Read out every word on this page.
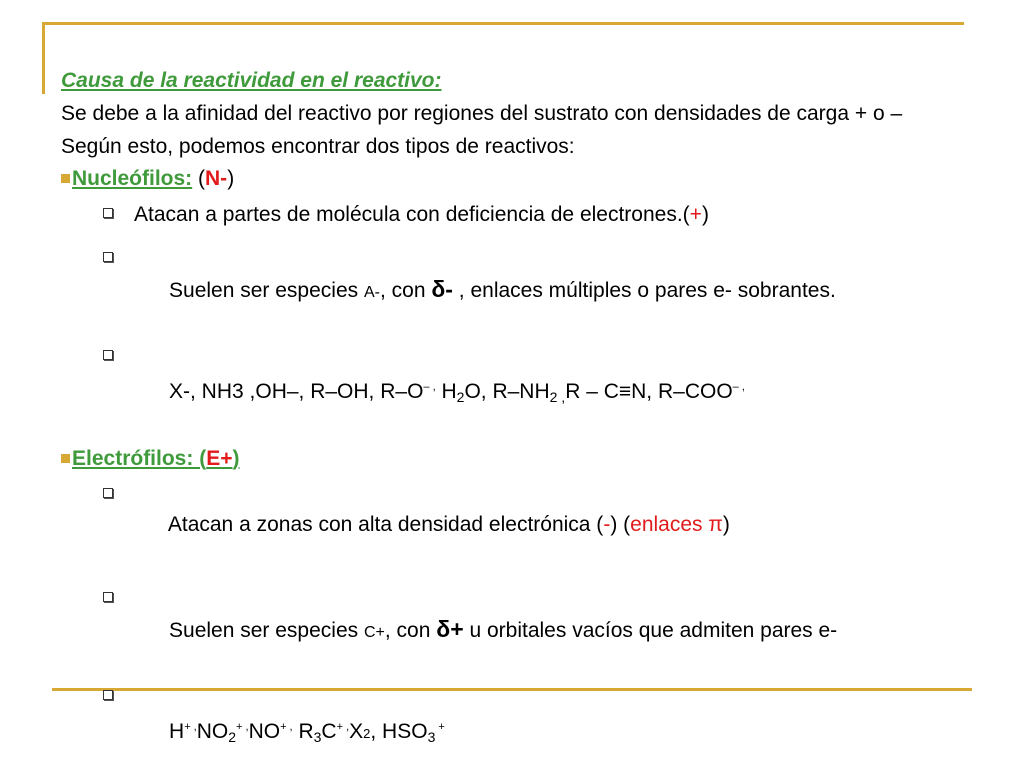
Causa de la reactividad en el reactivo:
Se debe a la afinidad del reactivo por regiones del sustrato con densidades de carga + o –
Según esto, podemos encontrar dos tipos de reactivos:
Nucleófilos: ( N- )
Atacan a partes de molécula con deficiencia de electrones.(+)

Suelen ser especies A-, con δ- , enlaces múltiples o pares e- sobrantes.

X-, NH3 ,OH–, R–OH, R–O– , $H_2O$, $R-NH_{2 ,}R - C\equiv N$, R–COO– ,

Electrófilos: (E+)

Atacan a zonas con alta densidad electrónica (-) (enlaces π)

Suelen ser especies C+, con δ+ u orbitales vacíos que admiten pares e-

$H^{+ ,}NO_2^{+ ,}NO^{+ ,}$ $R_3C^{+ ,}X2$, $HSO_3$ +
